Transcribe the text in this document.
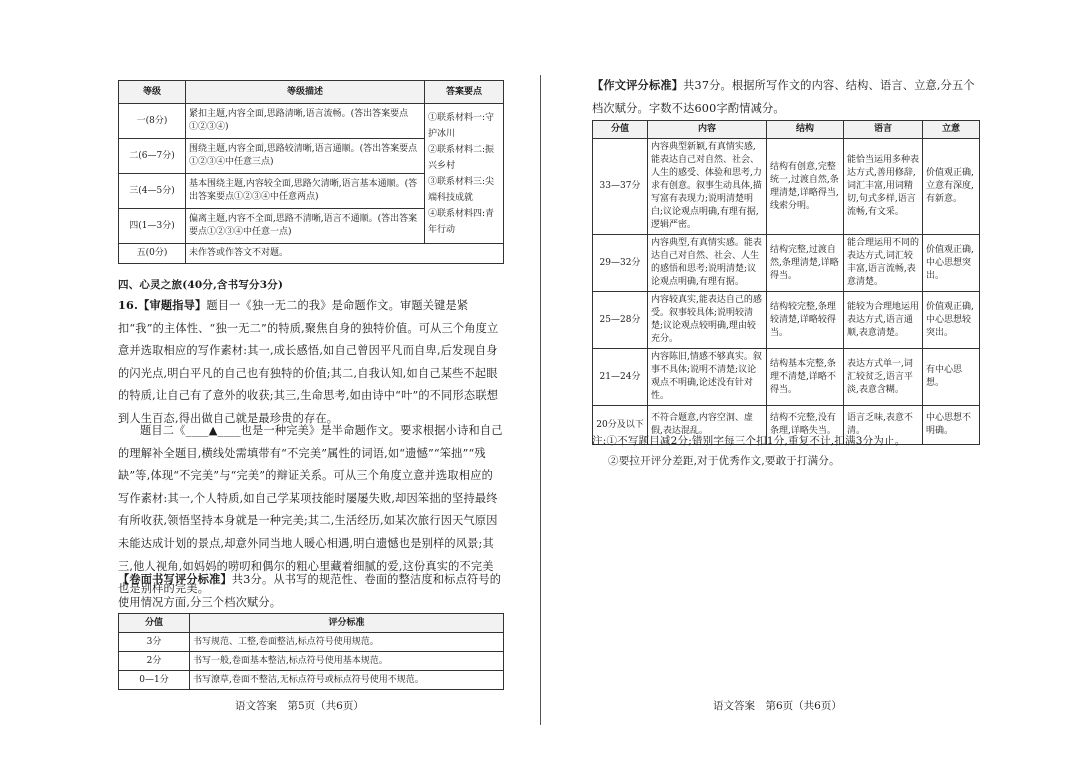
等级	等级描述	答案要点
一(8分)	紧扣主题,内容全面,思路清晰,语言流畅。(答出答案要点①②③④)	①联系材料一:守护冰川
②联系材料二:振兴乡村
③联系材料三:尖端科技成就
④联系材料四:青年行动
二(6—7分)	围绕主题,内容全面,思路较清晰,语言通顺。(答出答案要点①②③④中任意三点)	
三(4—5分)	基本围绕主题,内容较全面,思路欠清晰,语言基本通顺。(答出答案要点①②③④中任意两点)	
四(1—3分)	偏离主题,内容不全面,思路不清晰,语言不通顺。(答出答案要点①②③④中任意一点)	
五(0分)	未作答或作答文不对题。	
四、心灵之旅(40分,含书写分3分)
16.【审题指导】题目一《独一无二的我》是命题作文。审题关键是紧扣“我”的主体性、“独一无二”的特质,聚焦自身的独特价值。可从三个角度立意并选取相应的写作素材:其一,成长感悟,如自己曾因平凡而自卑,后发现自身的闪光点,明白平凡的自己也有独特的价值;其二,自我认知,如自己某些不起眼的特质,让自己有了意外的收获;其三,生命思考,如由诗中“叶”的不同形态联想到人生百态,得出做自己就是最珍贵的存在。
题目二《____▲____也是一种完美》是半命题作文。要求根据小诗和自己的理解补全题目,横线处需填带有“不完美”属性的词语,如“遗憾”“笨拙”“残缺”等,体现“不完美”与“完美”的辩证关系。可从三个角度立意并选取相应的写作素材:其一,个人特质,如自己学某项技能时屡屡失败,却因笨拙的坚持最终有所收获,领悟坚持本身就是一种完美;其二,生活经历,如某次旅行因天气原因未能达成计划的景点,却意外同当地人暖心相遇,明白遗憾也是别样的风景;其三,他人视角,如妈妈的唠叨和偶尔的粗心里藏着细腻的爱,这份真实的不完美也是别样的完美。
【卷面书写评分标准】共3分。从书写的规范性、卷面的整洁度和标点符号的使用情况方面,分三个档次赋分。
分值	评分标准
3分	书写规范、工整,卷面整洁,标点符号使用规范。
2分	书写一般,卷面基本整洁,标点符号使用基本规范。
0—1分	书写潦草,卷面不整洁,无标点符号或标点符号使用不规范。
语文答案　第5页（共6页）
【作文评分标准】共37分。根据所写作文的内容、结构、语言、立意,分五个档次赋分。字数不达600字酌情减分。
分值	内容	结构	语言	立意
33—37分	内容典型新颖,有真情实感,能表达自己对自然、社会、人生的感受、体验和思考,力求有创意。叙事生动具体,描写富有表现力;说明清楚明白;议论观点明确,有理有据,逻辑严密。	结构有创意,完整统一,过渡自然,条理清楚,详略得当,线索分明。	能恰当运用多种表达方式,善用修辞,词汇丰富,用词精切,句式多样,语言流畅,有文采。	价值观正确,立意有深度,有新意。
29—32分	内容典型,有真情实感。能表达自己对自然、社会、人生的感悟和思考;说明清楚;议论观点明确,有理有据。	结构完整,过渡自然,条理清楚,详略得当。	能合理运用不同的表达方式,词汇较丰富,语言流畅,表意清楚。	价值观正确,中心思想突出。
25—28分	内容较真实,能表达自己的感受。叙事较具体;说明较清楚;议论观点较明确,理由较充分。	结构较完整,条理较清楚,详略较得当。	能较为合理地运用表达方式,语言通顺,表意清楚。	价值观正确,中心思想较突出。
21—24分	内容陈旧,情感不够真实。叙事不具体;说明不清楚;议论观点不明确,论述没有针对性。	结构基本完整,条理不清楚,详略不得当。	表达方式单一,词汇较贫乏,语言平淡,表意含糊。	有中心思想。
20分及以下	不符合题意,内容空洞、虚假,表达混乱。	结构不完整,没有条理,详略失当。	语言乏味,表意不清。	中心思想不明确。
注:①不写题目减2分;错别字每三个扣1分,重复不计,扣满3分为止。
②要拉开评分差距,对于优秀作文,要敢于打满分。
语文答案　第6页（共6页）
